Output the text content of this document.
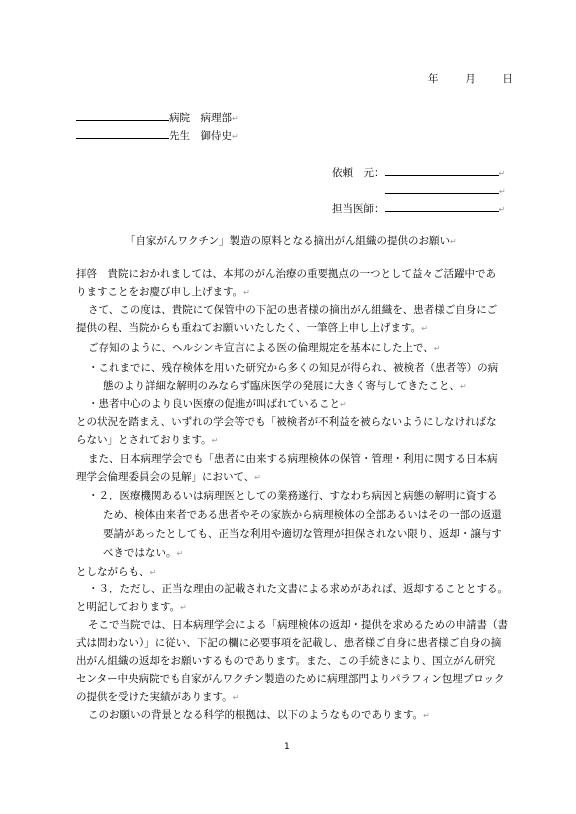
年	月	日
病院　病理部↵
先生　御侍史↵
依頼　元：	↵
↵
担当医師：	↵
「自家がんワクチン」製造の原料となる摘出がん組織の提供のお願い↵
拝啓　貴院におかれましては、本邦のがん治療の重要拠点の一つとして益々ご活躍中であ
りますことをお慶び申し上げます。↵
さて、この度は、貴院にて保管中の下記の患者様の摘出がん組織を、患者様ご自身にご
提供の程、当院からも重ねてお願いいたしたく、一筆啓上申し上げます。↵
ご存知のように、ヘルシンキ宣言による医の倫理規定を基本にした上で、↵
・これまでに、残存検体を用いた研究から多くの知見が得られ、被検者（患者等）の病
態のより詳細な解明のみならず臨床医学の発展に大きく寄与してきたこと、↵
・患者中心のより良い医療の促進が叫ばれていること↵
との状況を踏まえ、いずれの学会等でも「被検者が不利益を被らないようにしなければな
らない」とされております。↵
また、日本病理学会でも「患者に由来する病理検体の保管・管理・利用に関する日本病
理学会倫理委員会の見解」において、↵
・２．医療機関あるいは病理医としての業務遂行、すなわち病因と病態の解明に資する
ため、検体由来者である患者やその家族から病理検体の全部あるいはその一部の返還
要請があったとしても、正当な利用や適切な管理が担保されない限り、返却・譲与す
べきではない。↵
としながらも、↵
・３．ただし、正当な理由の記載された文書による求めがあれば、返却することとする。
と明記しております。↵
そこで当院では、日本病理学会による「病理検体の返却・提供を求めるための申請書（書
式は問わない）」に従い、下記の欄に必要事項を記載し、患者様ご自身に患者様ご自身の摘
出がん組織の返却をお願いするものであります。また、この手続きにより、国立がん研究
センター中央病院でも自家がんワクチン製造のために病理部門よりパラフィン包埋ブロック
の提供を受けた実績があります。↵
このお願いの背景となる科学的根拠は、以下のようなものであります。↵
1
